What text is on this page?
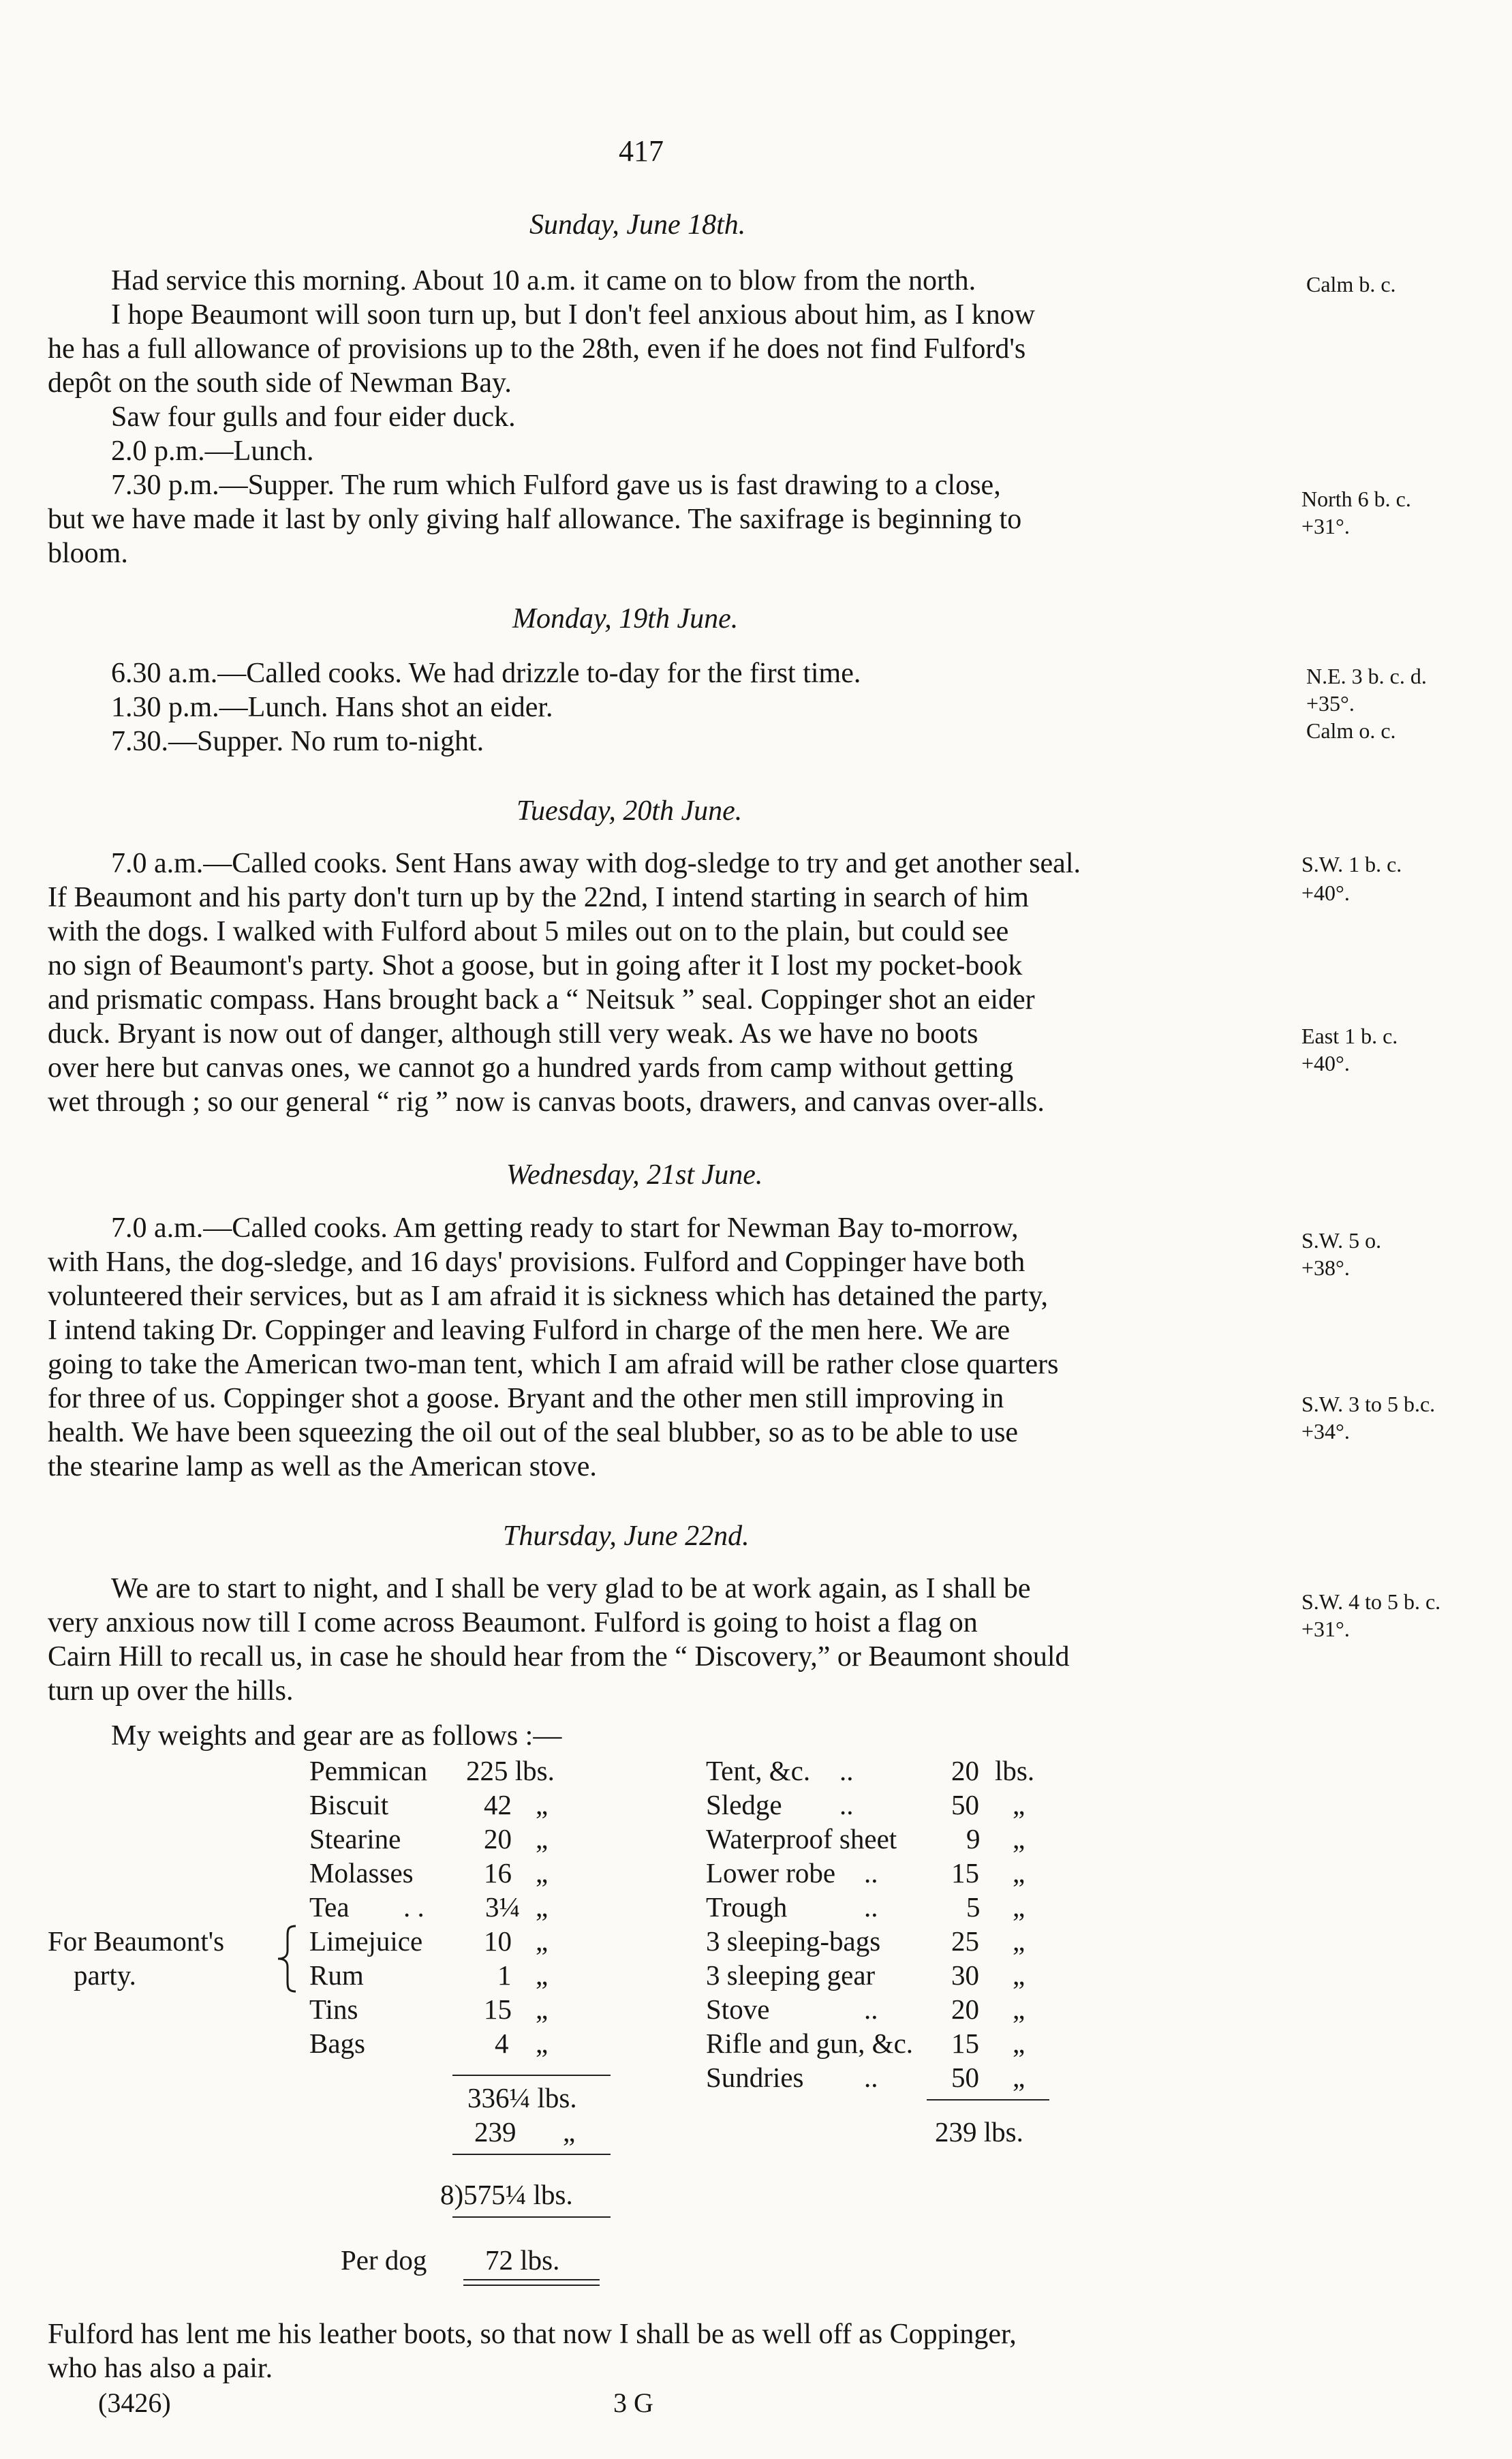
417
Sunday, June 18th.
Had service this morning. About 10 a.m. it came on to blow from the north.
I hope Beaumont will soon turn up, but I don't feel anxious about him, as I know
he has a full allowance of provisions up to the 28th, even if he does not find Fulford's
depôt on the south side of Newman Bay.
Saw four gulls and four eider duck.
2.0 p.m.—Lunch.
7.30 p.m.—Supper. The rum which Fulford gave us is fast drawing to a close,
but we have made it last by only giving half allowance. The saxifrage is beginning to
bloom.
Calm b. c.
North 6 b. c.
+31°.
Monday, 19th June.
6.30 a.m.—Called cooks. We had drizzle to-day for the first time.
1.30 p.m.—Lunch. Hans shot an eider.
7.30.—Supper. No rum to-night.
N.E. 3 b. c. d.
+35°.
Calm o. c.
Tuesday, 20th June.
7.0 a.m.—Called cooks. Sent Hans away with dog-sledge to try and get another seal.
If Beaumont and his party don't turn up by the 22nd, I intend starting in search of him
with the dogs. I walked with Fulford about 5 miles out on to the plain, but could see
no sign of Beaumont's party. Shot a goose, but in going after it I lost my pocket-book
and prismatic compass. Hans brought back a “ Neitsuk ” seal. Coppinger shot an eider
duck. Bryant is now out of danger, although still very weak. As we have no boots
over here but canvas ones, we cannot go a hundred yards from camp without getting
wet through ; so our general “ rig ” now is canvas boots, drawers, and canvas over-alls.
S.W. 1 b. c.
+40°.
East 1 b. c.
+40°.
Wednesday, 21st June.
7.0 a.m.—Called cooks. Am getting ready to start for Newman Bay to-morrow,
with Hans, the dog-sledge, and 16 days' provisions. Fulford and Coppinger have both
volunteered their services, but as I am afraid it is sickness which has detained the party,
I intend taking Dr. Coppinger and leaving Fulford in charge of the men here. We are
going to take the American two-man tent, which I am afraid will be rather close quarters
for three of us. Coppinger shot a goose. Bryant and the other men still improving in
health. We have been squeezing the oil out of the seal blubber, so as to be able to use
the stearine lamp as well as the American stove.
S.W. 5 o.
+38°.
S.W. 3 to 5 b.c.
+34°.
Thursday, June 22nd.
We are to start to night, and I shall be very glad to be at work again, as I shall be
very anxious now till I come across Beaumont. Fulford is going to hoist a flag on
Cairn Hill to recall us, in case he should hear from the “ Discovery,” or Beaumont should
turn up over the hills.
My weights and gear are as follows :—
S.W. 4 to 5 b. c.
+31°.
Pemmican 225 lbs.
Biscuit	42 „
Stearine	20 „
Molasses	16 „
Tea . . 3¼ „
Limejuice 10 „
Rum	1 „
Tins	15 „
Bags	4 „
For Beaumont's
party.
Tent, &c. ..	20 lbs.
Sledge ..	50 „
Waterproof sheet 9 „
Lower robe ..	15 „
Trough	..	5 „
3 sleeping-bags	25 „
3 sleeping gear	30 „
Stove	..	20 „
Rifle and gun, &c. 15 „
Sundries ..	50 „
336¼ lbs.
239 „	239 lbs.
8)575¼ lbs.
Per dog 72 lbs.
Fulford has lent me his leather boots, so that now I shall be as well off as Coppinger,
who has also a pair.
(3426)	3 G
